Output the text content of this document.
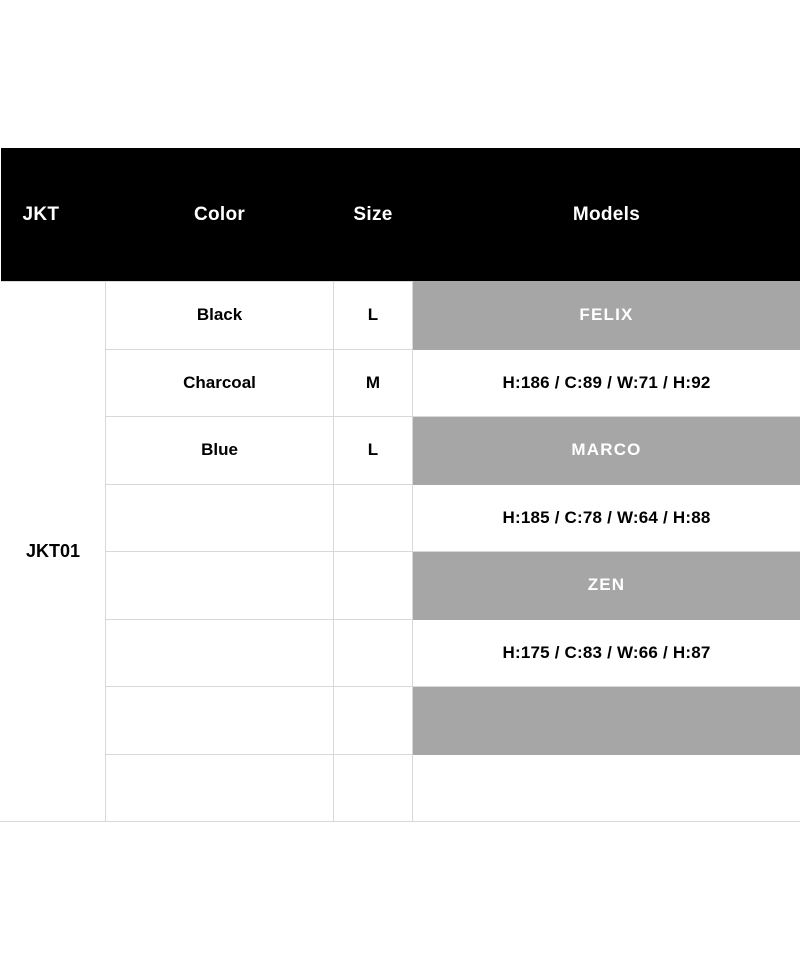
JKT	Color	Size	Models
JKT01	Black	L	FELIX
	Charcoal	M	H:186 / C:89 / W:71 / H:92
	Blue	L	MARCO
			H:185 / C:78 / W:64 / H:88
			ZEN
			H:175 / C:83 / W:66 / H:87
